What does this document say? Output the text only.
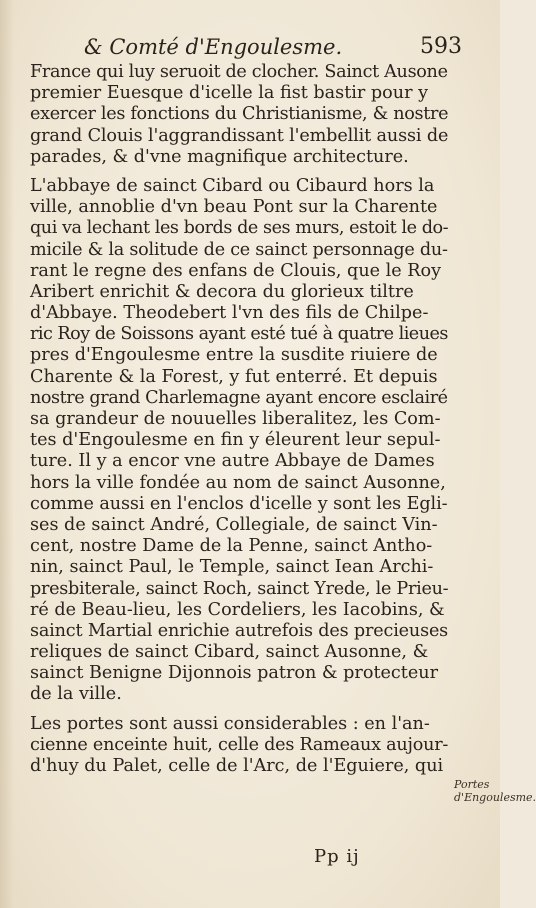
& Comté d'Engoulesme.	593
France qui luy seruoit de clocher. Sainct Ausone
premier Euesque d'icelle la fist bastir pour y
exercer les fonctions du Christianisme, & nostre
grand Clouis l'aggrandissant l'embellit aussi de
parades, & d'vne magnifique architecture.
L'abbaye de sainct Cibard ou Cibaurd hors la
ville, annoblie d'vn beau Pont sur la Charente
qui va lechant les bords de ses murs, estoit le do-
micile & la solitude de ce sainct personnage du-
rant le regne des enfans de Clouis, que le Roy
Aribert enrichit & decora du glorieux tiltre
d'Abbaye. Theodebert l'vn des fils de Chilpe-
ric Roy de Soissons ayant esté tué à quatre lieues
pres d'Engoulesme entre la susdite riuiere de
Charente & la Forest, y fut enterré. Et depuis
nostre grand Charlemagne ayant encore esclairé
sa grandeur de nouuelles liberalitez, les Com-
tes d'Engoulesme en fin y éleurent leur sepul-
ture. Il y a encor vne autre Abbaye de Dames
hors la ville fondée au nom de sainct Ausonne,
comme aussi en l'enclos d'icelle y sont les Egli-
ses de sainct André, Collegiale, de sainct Vin-
cent, nostre Dame de la Penne, sainct Antho-
nin, sainct Paul, le Temple, sainct Iean Archi-
presbiterale, sainct Roch, sainct Yrede, le Prieu-
ré de Beau-lieu, les Cordeliers, les Iacobins, &
sainct Martial enrichie autrefois des precieuses
reliques de sainct Cibard, sainct Ausonne, &
sainct Benigne Dijonnois patron & protecteur
de la ville.
Les portes sont aussi considerables : en l'an-
cienne enceinte huit, celle des Rameaux aujour-
d'huy du Palet, celle de l'Arc, de l'Eguiere, qui
Portes d'Engoulesme.
Pp ij
